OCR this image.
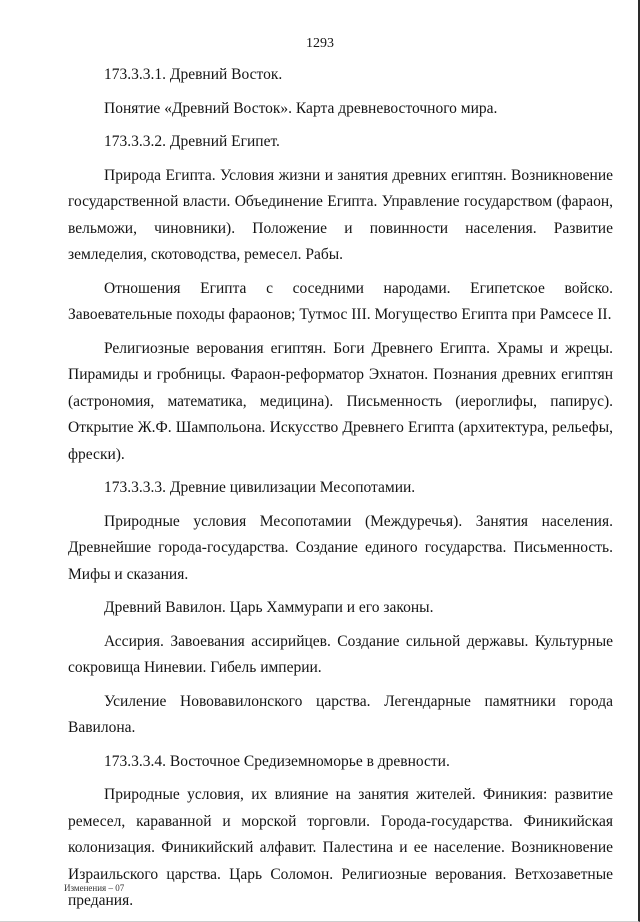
1293

173.3.3.1. Древний Восток.

Понятие «Древний Восток». Карта древневосточного мира.

173.3.3.2. Древний Египет.

Природа Египта. Условия жизни и занятия древних египтян. Возникновение государственной власти. Объединение Египта. Управление государством (фараон, вельможи, чиновники). Положение и повинности населения. Развитие земледелия, скотоводства, ремесел. Рабы.

Отношения Египта с соседними народами. Египетское войско. Завоевательные походы фараонов; Тутмос III. Могущество Египта при Рамсесе II.

Религиозные верования египтян. Боги Древнего Египта. Храмы и жрецы. Пирамиды и гробницы. Фараон-реформатор Эхнатон. Познания древних египтян (астрономия, математика, медицина). Письменность (иероглифы, папирус). Открытие Ж.Ф. Шампольона. Искусство Древнего Египта (архитектура, рельефы, фрески).

173.3.3.3. Древние цивилизации Месопотамии.

Природные условия Месопотамии (Междуречья). Занятия населения. Древнейшие города-государства. Создание единого государства. Письменность. Мифы и сказания.

Древний Вавилон. Царь Хаммурапи и его законы.

Ассирия. Завоевания ассирийцев. Создание сильной державы. Культурные сокровища Ниневии. Гибель империи.

Усиление Нововавилонского царства. Легендарные памятники города Вавилона.

173.3.3.4. Восточное Средиземноморье в древности.

Природные условия, их влияние на занятия жителей. Финикия: развитие ремесел, караванной и морской торговли. Города-государства. Финикийская колонизация. Финикийский алфавит. Палестина и ее население. Возникновение Израильского царства. Царь Соломон. Религиозные верования. Ветхозаветные предания.

Изменения – 07
